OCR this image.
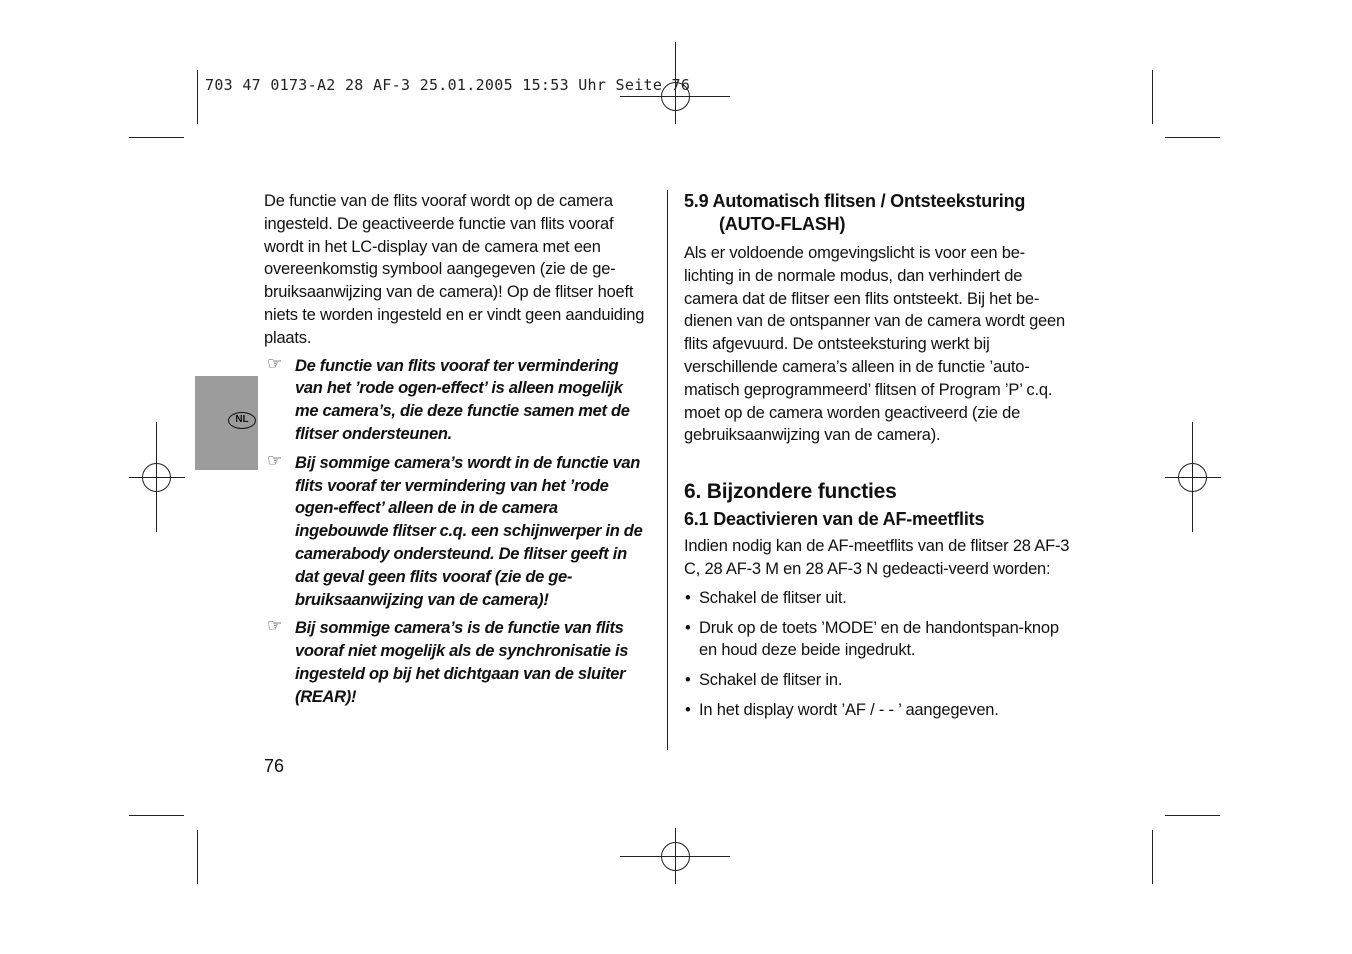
703 47 0173-A2 28 AF-3 25.01.2005 15:53 Uhr Seite 76
NL

De functie van de flits vooraf wordt op de camera ingesteld. De geactiveerde functie van flits vooraf wordt in het LC-display van de camera met een overeenkomstig symbool aangegeven (zie de ge-bruiksaanwijzing van de camera)! Op de flitser hoeft niets te worden ingesteld en er vindt geen aanduiding plaats.

☞ De functie van flits vooraf ter vermindering van het ’rode ogen-effect’ is alleen mogelijk me camera’s, die deze functie samen met de flitser ondersteunen.

☞ Bij sommige camera’s wordt in de functie van flits vooraf ter vermindering van het ’rode ogen-effect’ alleen de in de camera ingebouwde flitser c.q. een schijnwerper in de camerabody ondersteund. De flitser geeft in dat geval geen flits vooraf (zie de ge-bruiksaanwijzing van de camera)!

☞ Bij sommige camera’s is de functie van flits vooraf niet mogelijk als de synchronisatie is ingesteld op bij het dichtgaan van de sluiter (REAR)!

5.9 Automatisch flitsen / Ontsteeksturing
(AUTO-FLASH)

Als er voldoende omgevingslicht is voor een be-lichting in de normale modus, dan verhindert de camera dat de flitser een flits ontsteekt. Bij het be-dienen van de ontspanner van de camera wordt geen flits afgevuurd. De ontsteeksturing werkt bij verschillende camera’s alleen in de functie ’auto-matisch geprogrammeerd’ flitsen of Program ’P’ c.q. moet op de camera worden geactiveerd (zie de gebruiksaanwijzing van de camera).

6. Bijzondere functies
6.1 Deactivieren van de AF-meetflits

Indien nodig kan de AF-meetflits van de flitser 28 AF-3 C, 28 AF-3 M en 28 AF-3 N gedeacti-veerd worden:

• Schakel de flitser uit.
• Druk op de toets ’MODE’ en de handontspan-knop en houd deze beide ingedrukt.
• Schakel de flitser in.
• In het display wordt ’AF / - - ’ aangegeven.
76
